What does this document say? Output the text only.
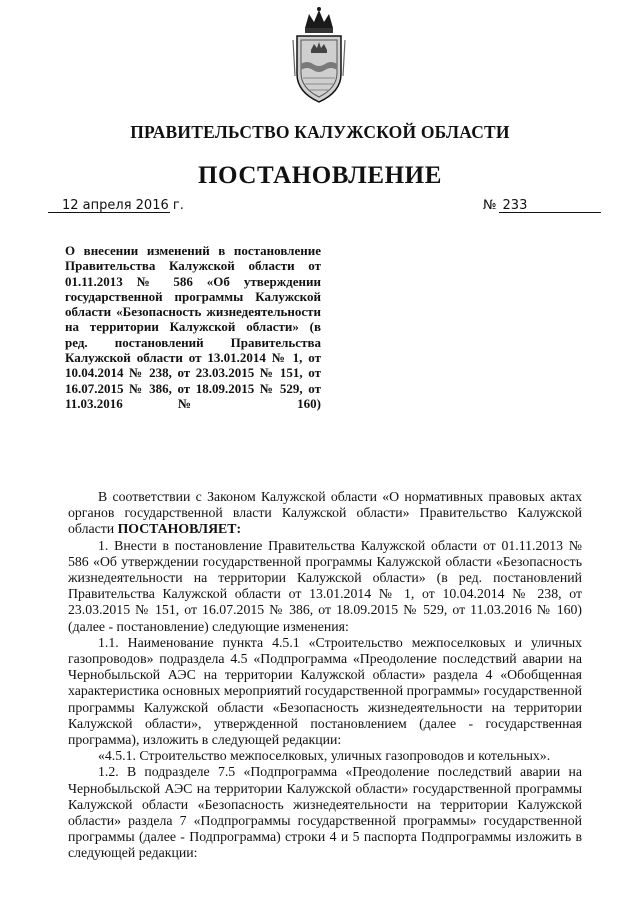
ПРАВИТЕЛЬСТВО КАЛУЖСКОЙ ОБЛАСТИ
ПОСТАНОВЛЕНИЕ
12 апреля 2016 г.	№ 233
О внесении изменений в постановление Правительства Калужской области от 01.11.2013 № 586 «Об утверждении государственной программы Калужской области «Безопасность жизнедеятельности на территории Калужской области» (в ред. постановлений Правительства Калужской области от 13.01.2014 № 1, от 10.04.2014 № 238, от 23.03.2015 № 151, от 16.07.2015 № 386, от 18.09.2015 № 529, от 11.03.2016 № 160)

В соответствии с Законом Калужской области «О нормативных правовых актах органов государственной власти Калужской области» Правительство Калужской области ПОСТАНОВЛЯЕТ:

1. Внести в постановление Правительства Калужской области от 01.11.2013 № 586 «Об утверждении государственной программы Калужской области «Безопасность жизнедеятельности на территории Калужской области» (в ред. постановлений Правительства Калужской области от 13.01.2014 № 1, от 10.04.2014 № 238, от 23.03.2015 № 151, от 16.07.2015 № 386, от 18.09.2015 № 529, от 11.03.2016 № 160) (далее - постановление) следующие изменения:

1.1. Наименование пункта 4.5.1 «Строительство межпоселковых и уличных газопроводов» подраздела 4.5 «Подпрограмма «Преодоление последствий аварии на Чернобыльской АЭС на территории Калужской области» раздела 4 «Обобщенная характеристика основных мероприятий государственной программы» государственной программы Калужской области «Безопасность жизнедеятельности на территории Калужской области», утвержденной постановлением (далее - государственная программа), изложить в следующей редакции:

«4.5.1. Строительство межпоселковых, уличных газопроводов и котельных».

1.2. В подразделе 7.5 «Подпрограмма «Преодоление последствий аварии на Чернобыльской АЭС на территории Калужской области» государственной программы Калужской области «Безопасность жизнедеятельности на территории Калужской области» раздела 7 «Подпрограммы государственной программы» государственной программы (далее - Подпрограмма) строки 4 и 5 паспорта Подпрограммы изложить в следующей редакции:
